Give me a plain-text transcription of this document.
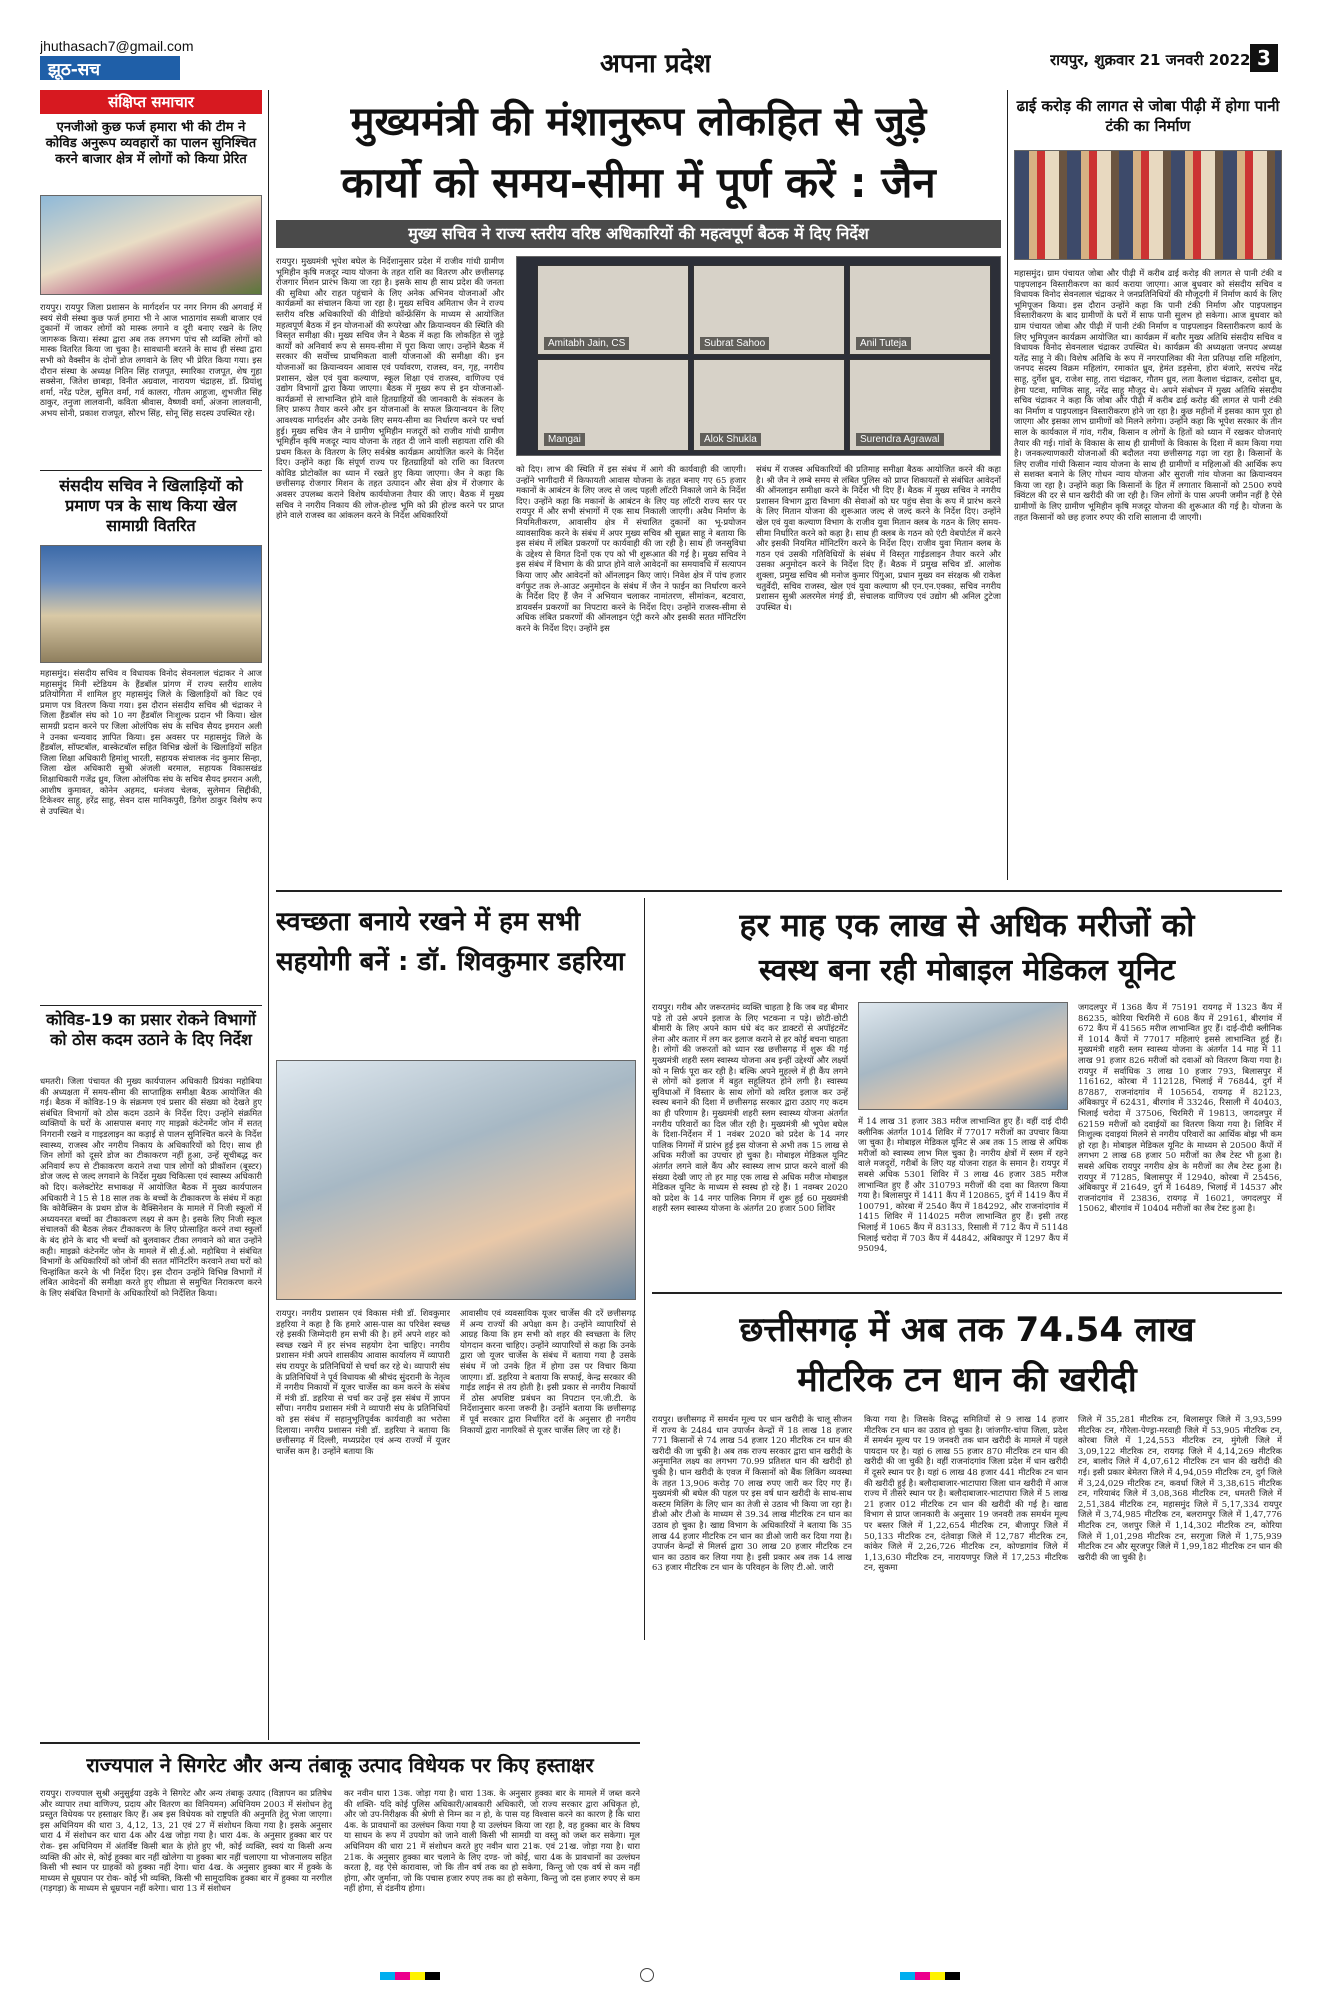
jhuthasach7@gmail.com
झूठ-सच	अपना प्रदेश	रायपुर, शुक्रवार 21 जनवरी 2022 3
संक्षिप्त समाचार
एनजीओ कुछ फर्ज हमारा भी की टीम ने कोविड अनुरूप व्यवहारों का पालन सुनिश्चित करने बाजार क्षेत्र में लोगों को किया प्रेरित
रायपुर। रायपुर जिला प्रशासन के मार्गदर्शन पर नगर निगम की अगवाई में स्वयं सेवी संस्था कुछ फर्ज हमारा भी ने आज भाठागांव सब्जी बाजार एवं दुकानों में जाकर लोगों को मास्क लगाने व दूरी बनाए रखने के लिए जागरूक किया। संस्था द्वारा अब तक लगभग पांच सौ व्यक्ति लोगों को मास्क वितरित किया जा चुका है। सावधानी बरतने के साथ ही संस्था द्वारा सभी को वैक्सीन के दोनों डोज लगवाने के लिए भी प्रेरित किया गया। इस दौरान संस्था के अध्यक्ष नितिन सिंह राजपूत, स्मारिका राजपूत, शेष गुहा सक्सेना, जितेश छाबड़ा, विनीत अग्रवाल, नारायण चंद्राहस, डॉ. प्रियांशु शर्मा, नरेंद्र पटेल, सुमित वर्मा, गर्व कालरा, गौतम आहूजा, शुभजीत सिंह ठाकुर, तनुजा लालवानी, कविता श्रीवास, वैष्णवी वर्मा, अंजना लालवानी, अभय सोनी, प्रकाश राजपूत, सौरभ सिंह, सोनू सिंह सदस्य उपस्थित रहे।
संसदीय सचिव ने खिलाड़ियों को प्रमाण पत्र के साथ किया खेल सामाग्री वितरित
महासमुंद। संसदीय सचिव व विधायक विनोद सेवनलाल चंद्राकर ने आज महासमुंद मिनी स्टेडियम के हैंडबॉल प्रांगण में राज्य स्तरीय शालेय प्रतियोगिता में शामिल हुए महासमुंद जिले के खिलाड़ियों को किट एवं प्रमाण पत्र वितरण किया गया। इस दौरान संसदीय सचिव श्री चंद्राकर ने जिला हैंडबॉल संघ को 10 नग हैंडबॉल निःशुल्क प्रदान भी किया। खेल सामग्री प्रदान करने पर जिला ओलंपिक संघ के सचिव सैयद इमरान अली ने उनका धन्यवाद ज्ञापित किया। इस अवसर पर महासमुंद जिले के हैंडबॉल, सॉफ्टबॉल, बास्केटबॉल सहित विभिन्न खेलों के खिलाड़ियों सहित जिला शिक्षा अधिकारी हिमांशु भारती, सहायक संचालक नंद कुमार सिन्हा, जिला खेल अधिकारी सुश्री अंजली बरमाल, सहायक विकासखंड शिक्षाधिकारी गजेंद्र ध्रुव, जिला ओलंपिक संघ के सचिव सैयद इमरान अली, आशीष कुमावत, कोनेन अहमद, धनंजय चेलक, सुलेमान सिद्दीकी, टिकेश्वर साहू, हरेंद्र साहू, सेवन दास मानिकपुरी, डिगेश ठाकुर विशेष रूप से उपस्थित थे।
कोविड-19 का प्रसार रोकने विभागों को ठोस कदम उठाने के दिए निर्देश
धमतरी। जिला पंचायत की मुख्य कार्यपालन अधिकारी प्रियंका महोबिया की अध्यक्षता में समय-सीमा की साप्ताहिक समीक्षा बैठक आयोजित की गई। बैठक में कोविड-19 के संक्रमण एवं प्रसार की संख्या को देखते हुए संबंधित विभागों को ठोस कदम उठाने के निर्देश दिए। उन्होंने संक्रमित व्यक्तियों के घरों के आसपास बनाए गए माइक्रो कंटेनमेंट जोन में सतत् निगरानी रखने व गाइडलाइन का कड़ाई से पालन सुनिश्चित करने के निर्देश स्वास्थ्य, राजस्व और नगरीय निकाय के अधिकारियों को दिए। साथ ही जिन लोगों को दूसरे डोज का टीकाकरण नहीं हुआ, उन्हें सूचीबद्ध कर अनिवार्य रूप से टीकाकरण कराने तथा पात्र लोगों को प्रीकॉशन (बूस्टर) डोज जल्द से जल्द लगवाने के निर्देश मुख्य चिकित्सा एवं स्वास्थ्य अधिकारी को दिए। कलेक्टोरेट सभाकक्ष में आयोजित बैठक में मुख्य कार्यपालन अधिकारी ने 15 से 18 साल तक के बच्चों के टीकाकरण के संबंध में कहा कि कोवैक्सिन के प्रथम डोज के वैक्सिनेशन के मामले में निजी स्कूलों में अध्ययनरत बच्चों का टीकाकरण लक्ष्य से कम है। इसके लिए निजी स्कूल संचालकों की बैठक लेकर टीकाकरण के लिए प्रोत्साहित करने तथा स्कूलों के बंद होने के बाद भी बच्चों को बुलवाकर टीका लगवाने को बात उन्होंने कही। माइक्रो कंटेनमेंट जोन के मामले में सी.ई.ओ. महोबिया ने संबंधित विभागों के अधिकारियों को जोनों की सतत मॉनिटरिंग करवाने तथा घरों को चिन्हांकित करने के भी निर्देश दिए। इस दौरान उन्होंने विभिन्न विभागों में लंबित आवेदनों की समीक्षा करते हुए शीघ्रता से समुचित निराकरण करने के लिए संबंधित विभागों के अधिकारियों को निर्देशित किया।
मुख्यमंत्री की मंशानुरूप लोकहित से जुड़े
कार्यो को समय-सीमा में पूर्ण करें : जैन
मुख्य सचिव ने राज्य स्तरीय वरिष्ठ अधिकारियों की महत्वपूर्ण बैठक में दिए निर्देश
रायपुर। मुख्यमंत्री भूपेश बघेल के निर्देशानुसार प्रदेश में राजीव गांधी ग्रामीण भूमिहीन कृषि मजदूर न्याय योजना के तहत राशि का वितरण और छत्तीसगढ़ रोजगार मिशन प्रारंभ किया जा रहा है। इसके साथ ही साथ प्रदेश की जनता की सुविधा और राहत पहुंचाने के लिए अनेक अभिनव योजनाओं और कार्यक्रमों का संचालन किया जा रहा है। मुख्य सचिव अमिताभ जैन ने राज्य स्तरीय वरिष्ठ अधिकारियों की वीडियो कॉन्फ्रेंसिंग के माध्यम से आयोजित महत्वपूर्ण बैठक में इन योजनाओं की रूपरेखा और क्रियान्वयन की स्थिति की विस्तृत समीक्षा की। मुख्य सचिव जैन ने बैठक में कहा कि लोकहित से जुड़े कार्यों को अनिवार्य रूप से समय-सीमा में पूरा किया जाए। उन्होंने बैठक में सरकार की सर्वोच्च प्राथमिकता वाली योजनाओं की समीक्षा की। इन योजनाओं का क्रियान्वयन आवास एवं पर्यावरण, राजस्व, वन, गृह, नगरीय प्रशासन, खेल एवं युवा कल्याण, स्कूल शिक्षा एवं राजस्व, वाणिज्य एवं उद्योग विभागों द्वारा किया जाएगा। बैठक में मुख्य रूप से इन योजनाओं-कार्यक्रमों से लाभान्वित होने वाले हितग्राहियों की जानकारी के संकलन के लिए प्रारूप तैयार करने और इन योजनाओं के सफल क्रियान्वयन के लिए आवश्यक मार्गदर्शन और उनके लिए समय-सीमा का निर्धारण करने पर चर्चा हुई। मुख्य सचिव जैन ने ग्रामीण भूमिहीन मजदूरों को राजीव गांधी ग्रामीण भूमिहीन कृषि मजदूर न्याय योजना के तहत दी जाने वाली सहायता राशि की प्रथम किश्त के वितरण के लिए सर्वश्रेष्ठ कार्यक्रम आयोजित करने के निर्देश दिए। उन्होंने कहा कि संपूर्ण राज्य पर हितग्राहियों को राशि का वितरण कोविड प्रोटोकॉल का ध्यान में रखते हुए किया जाएगा। जैन ने कहा कि छत्तीसगढ़ रोजगार मिशन के तहत उत्पादन और सेवा क्षेत्र में रोजगार के अवसर उपलब्ध कराने विशेष कार्ययोजना तैयार की जाए। बैठक में मुख्य सचिव ने नगरीय निकाय की लोज-होल्ड भूमि को फ्री होल्ड करने पर प्राप्त होने वाले राजस्व का आंकलन करने के निर्देश अधिकारियों
Amitabh Jain, CS	Subrat Sahoo	Anil Tuteja
Mangai	Alok Shukla	Surendra Agrawal
को दिए। लाभ की स्थिति में इस संबंध में आगे की कार्यवाही की जाएगी। उन्होंने भागीदारी में किफायती आवास योजना के तहत बनाए गए 65 हजार मकानों के आबंटन के लिए जल्द से जल्द पहली लॉटरी निकाले जाने के निर्देश दिए। उन्होंने कहा कि मकानों के आबंटन के लिए यह लॉटरी राज्य स्तर पर रायपुर में और सभी संभागों में एक साथ निकाली जाएगी। अवैध निर्माण के नियमितीकरण, आवासीय क्षेत्र में संचालित दुकानों का भू-प्रयोजन व्यावसायिक करने के संबंध में अपर मुख्य सचिव श्री सुब्रत साहू ने बताया कि इस संबंध में लंबित प्रकरणों पर कार्यवाही की जा रही है। साथ ही जनसुविधा के उद्देश्य से विगत दिनों एक एप को भी शुरूआत की गई है। मुख्य सचिव ने इस संबंध में विभाग के की प्राप्त होने वाले आवेदनों का समयावधि में सत्यापन किया जाए और आवेदनों को ऑनलाइन किए जाएं। निवेश क्षेत्र में पांच हजार वर्गफुट तक ले-आउट अनुमोदन के संबंध में जैन ने फाईन का निर्धारण करने के निर्देश दिए हैं जैन ने अभियान चलाकर नामांतरण, सीमांकन, बटवारा, डायवर्सन प्रकरणों का निपटारा करने के निर्देश दिए। उन्होंने राजस्व-सीमा से अधिक लंबित प्रकरणों की ऑनलाइन एंट्री करने और इसकी सतत मॉनिटरिंग करने के निर्देश दिए। उन्होंने इस
संबंध में राजस्व अधिकारियों की प्रतिमाह समीक्षा बैठक आयोजित करने की कहा है। श्री जैन ने लम्बे समय से लंबित पुलिस को प्राप्त शिकायतों से संबंधित आवेदनों की ऑनलाइन समीक्षा करने के निर्देश भी दिए हैं। बैठक में मुख्य सचिव ने नगरीय प्रशासन विभाग द्वारा विभाग की सेवाओं को घर पहुंच सेवा के रूप में प्रारंभ करने के लिए मितान योजना की शुरूआत जल्द से जल्द करने के निर्देश दिए। उन्होंने खेल एवं युवा कल्याण विभाग के राजीव युवा मितान क्लब के गठन के लिए समय-सीमा निर्धारित करने को कहा है। साथ ही क्लब के गठन को एंटी वेबपोर्टल में करने और इसकी नियमित मॉनिटरिंग करने के निर्देश दिए। राजीव युवा मितान क्लब के गठन एवं उसकी गतिविधियों के संबंध में विस्तृत गाईडलाइन तैयार करने और उसका अनुमोदन करने के निर्देश दिए हैं। बैठक में प्रमुख सचिव डॉ. आलोक शुक्ला, प्रमुख सचिव श्री मनोज कुमार पिंगुआ, प्रधान मुख्य वन संरक्षक श्री राकेश चतुर्वेदी, सचिव राजस्व, खेल एवं युवा कल्याण श्री एन.एन.एक्का, सचिव नगरीय प्रशासन सुश्री अलरमेल मंगई डी, संचालक वाणिज्य एवं उद्योग श्री अनिल टुटेजा उपस्थित थे।
ढाई करोड़ की लागत से जोबा पीढ़ी में होगा पानी टंकी का निर्माण
महासमुंद। ग्राम पंचायत जोबा और पीढ़ी में करीब ढाई करोड़ की लागत से पानी टंकी व पाइपलाइन विस्तारीकरण का कार्य कराया जाएगा। आज बुधवार को संसदीय सचिव व विधायक विनोद सेवनलाल चंद्राकर ने जनप्रतिनिधियों की मौजूदगी में निर्माण कार्य के लिए भूमिपूजन किया। इस दौरान उन्होंने कहा कि पानी टंकी निर्माण और पाइपलाइन विस्तारीकरण के बाद ग्रामीणों के घरों में साफ पानी सुलभ हो सकेगा। आज बुधवार को ग्राम पंचायत जोबा और पीढ़ी में पानी टंकी निर्माण व पाइपलाइन विस्तारीकरण कार्य के लिए भूमिपूजन कार्यक्रम आयोजित था। कार्यक्रम में बतौर मुख्य अतिथि संसदीय सचिव व विधायक विनोद सेवनलाल चंद्राकर उपस्थित थे। कार्यक्रम की अध्यक्षता जनपद अध्यक्ष यतेंद्र साहू ने की। विशेष अतिथि के रूप में नगरपालिका की नेता प्रतिपक्ष राशि महिलांग, जनपद सदस्य विक्रम महिलांग, रमाकांत ध्रुव, हेमंत डड़सेना, होरा बंजारे, सरपंच नरेंद्र साहू, दुर्गेश ध्रुव, राजेश साहू, तारा चंद्राकर, गौतम ध्रुव, लता कैलाश चंद्राकर, दसोदा ध्रुव, हेमा पटवा, माणिक साहू, नरेंद्र साहू मौजूद थे। अपने संबोधन में मुख्य अतिथि संसदीय सचिव चंद्राकर ने कहा कि जोबा और पीढ़ी में करीब ढाई करोड़ की लागत से पानी टंकी का निर्माण व पाइपलाइन विस्तारीकरण होने जा रहा है। कुछ महीनों में इसका काम पूरा हो जाएगा और इसका लाभ ग्रामीणों को मिलने लगेगा। उन्होंने कहा कि भूपेश सरकार के तीन साल के कार्यकाल में गांव, गरीब, किसान व लोगों के हितों को ध्यान में रखकर योजनाएं तैयार की गई। गांवों के विकास के साथ ही ग्रामीणों के विकास के दिशा में काम किया गया है। जनकल्याणकारी योजनाओं की बदौलत नया छत्तीसगढ़ गढ़ा जा रहा है। किसानों के लिए राजीव गांधी किसान न्याय योजना के साथ ही ग्रामीणों व महिलाओं की आर्थिक रूप से सशक्त बनाने के लिए गोधन न्याय योजना और सुराजी गांव योजना का क्रियान्वयन किया जा रहा है। उन्होंने कहा कि किसानों के हित में लगातार किसानों को 2500 रुपये क्विंटल की दर से धान खरीदी की जा रही है। जिन लोगों के पास अपनी जमीन नहीं है ऐसे ग्रामीणों के लिए ग्रामीण भूमिहीन कृषि मजदूर योजना की शुरूआत की गई है। योजना के तहत किसानों को छह हजार रुपए की राशि सालाना दी जाएगी।
स्वच्छता बनाये रखने में हम सभी सहयोगी बनें : डॉ. शिवकुमार डहरिया
रायपुर। नगरीय प्रशासन एवं विकास मंत्री डॉ. शिवकुमार डहरिया ने कहा है कि हमारे आस-पास का परिवेश स्वच्छ रहे इसकी जिम्मेदारी हम सभी की है। हमें अपने शहर को स्वच्छ रखने में हर संभव सहयोग देना चाहिए। नगरीय प्रशासन मंत्री अपने शासकीय आवास कार्यालय में व्यापारी संघ रायपुर के प्रतिनिधियों से चर्चा कर रहे थे। व्यापारी संघ के प्रतिनिधियों ने पूर्व विधायक श्री श्रीचंद सुंदरानी के नेतृत्व में नगरीय निकायों में यूजर चार्जेस का कम करने के संबंध में मंत्री डॉ. डहरिया से चर्चा कर उन्हें इस संबंध में ज्ञापन सौंपा। नगरीय प्रशासन मंत्री ने व्यापारी संघ के प्रतिनिधियों को इस संबंध में सहानुभूतिपूर्वक कार्यवाही का भरोसा दिलाया। नगरीय प्रशासन मंत्री डॉ. डहरिया ने बताया कि छत्तीसगढ़ में दिल्ली, मध्यप्रदेश एवं अन्य राज्यों में यूजर चार्जेस कम है। उन्होंने बताया कि
आवासीय एवं व्यवसायिक यूजर चार्जेस की दरें छत्तीसगढ़ में अन्य राज्यों की अपेक्षा कम है। उन्होंने व्यापारियों से आग्रह किया कि हम सभी को शहर की स्वच्छता के लिए योगदान करना चाहिए। उन्होंने व्यापारियों से कहा कि उनके द्वारा जो यूजर चार्जेस के संबंध में बताया गया है उसके संबंध में जो उनके हित में होगा उस पर विचार किया जाएगा। डॉ. डहरिया ने बताया कि सफाई, केन्द्र सरकार की गाईड लाईन से तय होती है। इसी प्रकार से नगरीय निकायों में ठोस अपशिष्ट प्रबंधन का निपटान एन.जी.टी. के निर्देशानुसार करना जरूरी है। उन्होंने बताया कि छत्तीसगढ़ में पूर्व सरकार द्वारा निर्धारित दरों के अनुसार ही नगरीय निकायों द्वारा नागरिकों से यूजर चार्जेस लिए जा रहे हैं।
हर माह एक लाख से अधिक मरीजों को
स्वस्थ बना रही मोबाइल मेडिकल यूनिट
रायपुर। गरीब और जरूरतमंद व्यक्ति चाहता है कि जब वह बीमार पड़े तो उसे अपने इलाज के लिए भटकना न पड़े। छोटी-छोटी बीमारी के लिए अपने काम धंधे बंद कर डाक्टरों से अपॉइंटमेंट लेना और कतार में लग कर इलाज कराने से हर कोई बचना चाहता है। लोगों की जरूरतों को ध्यान रख छत्तीसगढ़ में शुरू की गई मुख्यमंत्री शहरी स्लम स्वास्थ्य योजना अब इन्हीं उद्देश्यों और लक्ष्यों को न सिर्फ पूरा कर रही है। बल्कि अपने मुहल्ले में ही कैंप लगने से लोगों को इलाज में बहुत सहूलियत होने लगी है। स्वास्थ्य सुविधाओं में विस्तार के साथ लोगों को त्वरित इलाज कर उन्हें स्वस्थ बनाने की दिशा में छत्तीसगढ़ सरकार द्वारा उठाए गए कदम का ही परिणाम है। मुख्यमंत्री शहरी स्लम स्वास्थ्य योजना अंतर्गत नगरीय परिवारों का दिल जीत रही है। मुख्यमंत्री श्री भूपेश बघेल के दिशा-निर्देशन में 1 नवंबर 2020 को प्रदेश के 14 नगर पालिक निगमों में प्रारंभ हुई इस योजना से अभी तक 15 लाख से अधिक मरीजों का उपचार हो चुका है। मोबाइल मेडिकल यूनिट अंतर्गत लगने वाले कैंप और स्वास्थ्य लाभ प्राप्त करने वालों की संख्या देखी जाए तो हर माह एक लाख से अधिक मरीज मोबाइल मेडिकल यूनिट के माध्यम से स्वस्थ हो रहे हैं। 1 नवम्बर 2020 को प्रदेश के 14 नगर पालिक निगम में शुरू हुई 60 मुख्यमंत्री शहरी स्लम स्वास्थ्य योजना के अंतर्गत 20 हजार 500 शिविर
में 14 लाख 31 हजार 383 मरीज लाभान्वित हुए हैं। वहीं दाई दीदी क्लीनिक अंतर्गत 1014 शिविर में 77017 मरीजों का उपचार किया जा चुका है। मोबाइल मेडिकल यूनिट से अब तक 15 लाख से अधिक मरीजों को स्वास्थ्य लाभ मिल चुका है। नगरीय क्षेत्रों में स्लम में रहने वाले मजदूरों, गरीबों के लिए यह योजना राहत के समान है। रायपुर में सबसे अधिक 5301 शिविर में 3 लाख 46 हजार 385 मरीज लाभान्वित हुए हैं और 310793 मरीजों की दवा का वितरण किया गया है। बिलासपुर में 1411 कैंप में 120865, दुर्ग में 1419 कैंप में 100791, कोरबा में 2540 कैंप में 184292, और राजनांदगांव में 1415 शिविर में 114025 मरीज लाभान्वित हुए हैं। इसी तरह भिलाई में 1065 कैंप में 83133, रिसाली में 712 कैंप में 51148 भिलाई चरोदा में 703 कैंप में 44842, अंबिकापुर में 1297 कैंप में 95094,
जगदलपुर में 1368 कैंप में 75191 रायगढ़ में 1323 कैंप में 86235, कोरिया चिरमिरी में 608 कैंप में 29161, बीरगांव में 672 कैंप में 41565 मरीज लाभान्वित हुए हैं। दाई-दीदी क्लीनिक में 1014 कैंपों में 77017 महिलाएं इससे लाभान्वित हुई हैं। मुख्यमंत्री शहरी स्लम स्वास्थ्य योजना के अंतर्गत 14 माह में 11 लाख 91 हजार 826 मरीजों को दवाओं को वितरण किया गया है। रायपुर में सर्वाधिक 3 लाख 10 हजार 793, बिलासपुर में 116162, कोरबा में 112128, भिलाई में 76844, दुर्ग में 87887, राजनांदगांव में 105654, रायगढ़ में 82123, अंबिकापुर में 62431, बीरगांव में 33246, रिसाली में 40403, भिलाई चरोदा में 37506, चिरमिरी में 19813, जगदलपुर में 62159 मरीजों को दवाईयों का वितरण किया गया है। शिविर में निःशुल्क दवाइयां मिलने से नगरीय परिवारों का आर्थिक बोझ भी कम हो रहा है। मोबाइल मेडिकल यूनिट के माध्यम से 20500 कैंपों में लगभग 2 लाख 68 हजार 50 मरीजों का लैब टेस्ट भी हुआ है। सबसे अधिक रायपुर नगरीय क्षेत्र के मरीजों का लैब टेस्ट हुआ है। रायपुर में 71285, बिलासपुर में 12940, कोरबा में 25456, अंबिकापुर में 21649, दुर्ग में 16489, भिलाई में 14537 और राजनांदगांव में 23836, रायगढ़ में 16021, जगदलपुर में 15062, बीरगांव में 10404 मरीजों का लैब टेस्ट हुआ है।
छत्तीसगढ़ में अब तक 74.54 लाख
मीटरिक टन धान की खरीदी
रायपुर। छत्तीसगढ़ में समर्थन मूल्य पर धान खरीदी के चालू सीजन में राज्य के 2484 धान उपार्जन केन्द्रों में 18 लाख 18 हजार 771 किसानों से 74 लाख 54 हजार 120 मीटरिक टन धान की खरीदी की जा चुकी है। अब तक राज्य सरकार द्वारा धान खरीदी के अनुमानित लक्ष्य का लगभग 70.99 प्रतिशत धान की खरीदी हो चुकी है। धान खरीदी के एवज में किसानों को बैंक लिकिंग व्यवस्था के तहत 13,906 करोड़ 70 लाख रुपए जारी कर दिए गए हैं। मुख्यमंत्री श्री बघेल की पहल पर इस वर्ष धान खरीदी के साथ-साथ कस्टम मिलिंग के लिए धान का तेजी से उठाव भी किया जा रहा है। डीओ और टीओ के माध्यम से 39.34 लाख मीटरिक टन धान का उठाव हो चुका है। खाद्य विभाग के अधिकारियों ने बताया कि 35 लाख 44 हजार मीटरिक टन धान का डीओ जारी कर दिया गया है। उपार्जन केन्द्रों से मिलर्स द्वारा 30 लाख 20 हजार मीटरिक टन धान का उठाव कर लिया गया है। इसी प्रकार अब तक 14 लाख 63 हजार मीटरिक टन धान के परिवहन के लिए टी.ओ. जारी
किया गया है। जिसके विरुद्ध समितियों से 9 लाख 14 हजार मीटरिक टन धान का उठाव हो चुका है। जांजगीर-चांपा जिला, प्रदेश में समर्थन मूल्य पर 19 जनवरी तक धान खरीदी के मामले में पहले पायदान पर है। यहां 6 लाख 55 हजार 870 मीटरिक टन धान की खरीदी की जा चुकी है। वहीं राजनांदगांव जिला प्रदेश में धान खरीदी में दूसरे स्थान पर है। यहां 6 लाख 48 हजार 441 मीटरिक टन धान की खरीदी हुई है। बलौदाबाजार-भाटापारा जिला धान खरीदी में आज राज्य में तीसरे स्थान पर है। बलौदाबाजार-भाटापारा जिले में 5 लाख 21 हजार 012 मीटरिक टन धान की खरीदी की गई है। खाद्य विभाग से प्राप्त जानकारी के अनुसार 19 जनवरी तक समर्थन मूल्य पर बस्तर जिले में 1,22,654 मीटरिक टन, बीजापुर जिले में 50,133 मीटरिक टन, दंतेवाड़ा जिले में 12,787 मीटरिक टन, कांकेर जिले में 2,26,726 मीटरिक टन, कोण्डागांव जिले में 1,13,630 मीटरिक टन, नारायणपुर जिले में 17,253 मीटरिक टन, सुकमा
जिले में 35,281 मीटरिक टन, बिलासपुर जिले में 3,93,599 मीटरिक टन, गौरेला-पेण्ड्रा-मरवाही जिले में 53,905 मीटरिक टन, कोरबा जिले में 1,24,553 मीटरिक टन, मुंगेली जिले में 3,09,122 मीटरिक टन, रायगढ़ जिले में 4,14,269 मीटरिक टन, बालोद जिले में 4,07,612 मीटरिक टन धान की खरीदी की गई। इसी प्रकार बेमेतरा जिले में 4,94,059 मीटरिक टन, दुर्ग जिले में 3,24,029 मीटरिक टन, कवर्धा जिले में 3,38,615 मीटरिक टन, गरियाबंद जिले में 3,08,368 मीटरिक टन, धमतरी जिले में 2,51,384 मीटरिक टन, महासमुंद जिले में 5,17,334 रायपुर जिले में 3,74,985 मीटरिक टन, बलरामपुर जिले में 1,47,776 मीटरिक टन, जशपुर जिले में 1,14,302 मीटरिक टन, कोरिया जिले में 1,01,298 मीटरिक टन, सरगुजा जिले में 1,75,939 मीटरिक टन और सूरजपुर जिले में 1,99,182 मीटरिक टन धान की खरीदी की जा चुकी है।
राज्यपाल ने सिगरेट और अन्य तंबाकू उत्पाद विधेयक पर किए हस्ताक्षर
रायपुर। राज्यपाल सुश्री अनुसुईया उइके ने सिगरेट और अन्य तंबाकू उत्पाद (विज्ञापन का प्रतिषेध और व्यापार तथा वाणिज्य, प्रदाय और वितरण का विनियमन) अधिनियम 2003 में संशोधन हेतु प्रस्तुत विधेयक पर हस्ताक्षर किए हैं। अब इस विधेयक को राष्ट्रपति की अनुमति हेतु भेजा जाएगा। इस अधिनियम की धारा 3, 4,12, 13, 21 एवं 27 में संशोधन किया गया है। इसके अनुसार धारा 4 में संशोधन कर धारा 4क और 4ख जोड़ा गया है। धारा 4क. के अनुसार हुक्का बार पर रोक- इस अधिनियम में अंतर्विष्ट किसी बात के होते हुए भी, कोई व्यक्ति, स्वयं या किसी अन्य व्यक्ति की ओर से, कोई हुक्का बार नहीं खोलेगा या हुक्का बार नहीं चलाएगा या भोजनालय सहित किसी भी स्थान पर ग्राहकों को हुक्का नहीं देगा। धारा 4ख. के अनुसार हुक्का बार में हुक्के के माध्यम से धूम्रपान पर रोक- कोई भी व्यक्ति, किसी भी सामुदायिक हुक्का बार में हुक्का या नरगील (गड़गड़ा) के माध्यम से धूम्रपान नहीं करेगा। धारा 13 में संशोधन
कर नवीन धारा 13क. जोड़ा गया है। धारा 13क. के अनुसार हुक्का बार के मामले में जब्त करने की शक्ति- यदि कोई पुलिस अधिकारी/आबकारी अधिकारी, जो राज्य सरकार द्वारा अधिकृत हो, और जो उप-निरीक्षक की श्रेणी से निम्न का न हो, के पास यह विश्वास करने का कारण है कि धारा 4क. के प्रावधानों का उल्लंघन किया गया है या उल्लंघन किया जा रहा है, वह हुक्का बार के विषय या साधन के रूप में उपयोग को जाने वाली किसी भी सामग्री या वस्तु को जब्त कर सकेगा। मूल अधिनियम की धारा 21 में संशोधन करते हुए नवीन धारा 21क. एवं 21ख. जोड़ा गया है। धारा 21क. के अनुसार हुक्का बार चलाने के लिए दण्ड- जो कोई, धारा 4क के प्रावधानों का उल्लंघन करता है, वह ऐसे कारावास, जो कि तीन वर्ष तक का हो सकेगा, किन्तु जो एक वर्ष से कम नहीं होगा, और जुर्माना, जो कि पचास हजार रुपए तक का हो सकेगा, किन्तु जो दस हजार रुपए से कम नहीं होगा, से दंडनीय होगा।
